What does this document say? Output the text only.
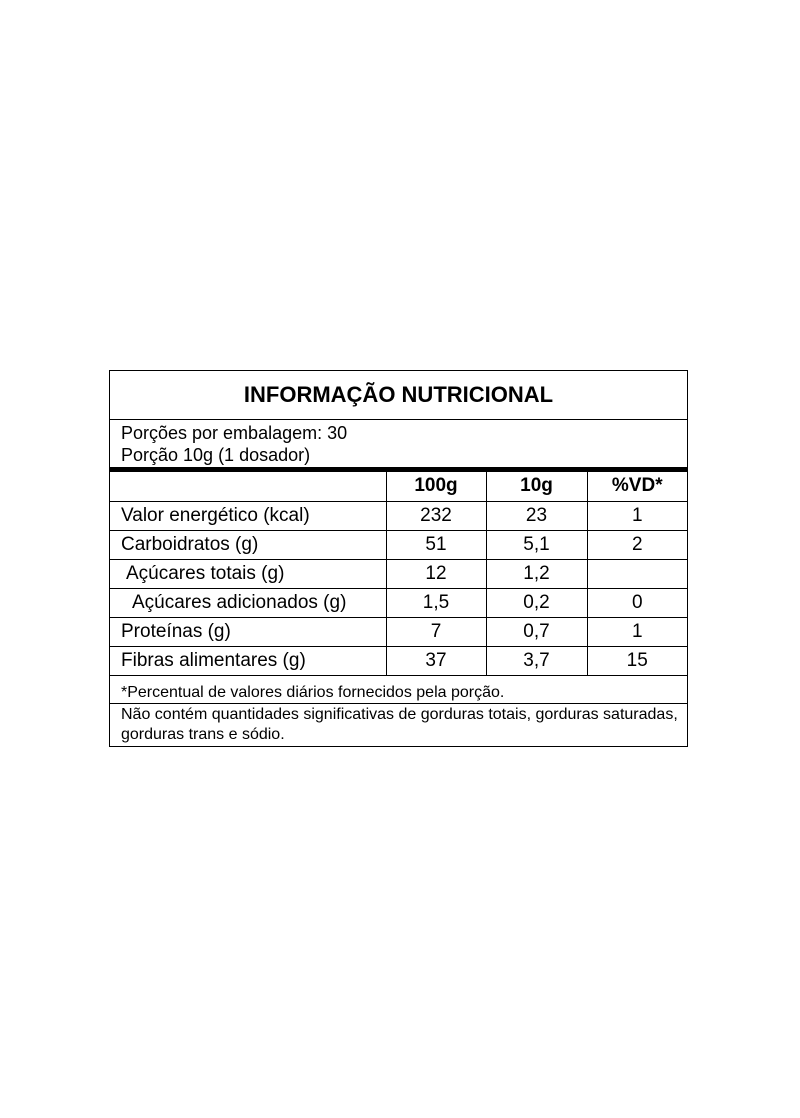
INFORMAÇÃO NUTRICIONAL
Porções por embalagem: 30
Porção 10g (1 dosador)
	100g	10g	%VD*
Valor energético (kcal)	232	23	1
Carboidratos (g)	51	5,1	2
Açúcares totais (g)	12	1,2	
Açúcares adicionados (g)	1,5	0,2	0
Proteínas (g)	7	0,7	1
Fibras alimentares (g)	37	3,7	15
*Percentual de valores diários fornecidos pela porção.
Não contém quantidades significativas de gorduras totais, gorduras saturadas, gorduras trans e sódio.
